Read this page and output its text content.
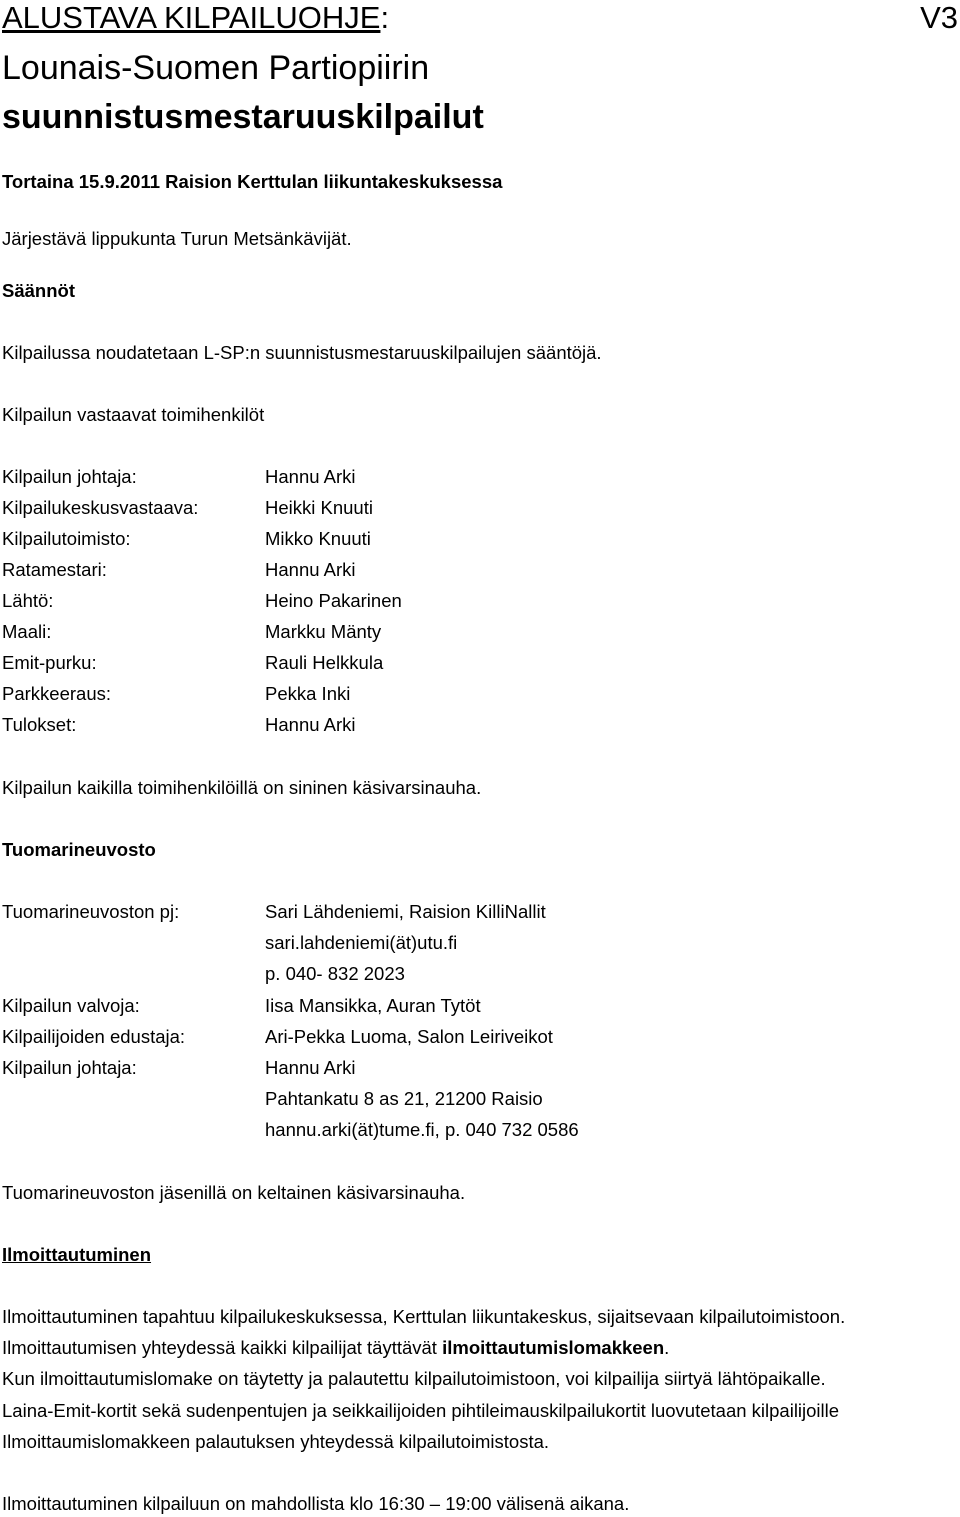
ALUSTAVA KILPAILUOHJE:	V3
Lounais-Suomen Partiopiirin
suunnistusmestaruuskilpailut
Tortaina 15.9.2011 Raision Kerttulan liikuntakeskuksessa
Järjestävä lippukunta Turun Metsänkävijät.
Säännöt
Kilpailussa noudatetaan L-SP:n suunnistusmestaruuskilpailujen sääntöjä.
Kilpailun vastaavat toimihenkilöt
Kilpailun johtaja:	Hannu Arki
Kilpailukeskusvastaava:	Heikki Knuuti
Kilpailutoimisto:	Mikko Knuuti
Ratamestari:	Hannu Arki
Lähtö:	Heino Pakarinen
Maali:	Markku Mänty
Emit-purku:	Rauli Helkkula
Parkkeeraus:	Pekka Inki
Tulokset:	Hannu Arki
Kilpailun kaikilla toimihenkilöillä on sininen käsivarsinauha.
Tuomarineuvosto
Tuomarineuvoston pj:	Sari Lähdeniemi, Raision KilliNallit
sari.lahdeniemi(ät)utu.fi
p. 040- 832 2023
Kilpailun valvoja:	Iisa Mansikka, Auran Tytöt
Kilpailijoiden edustaja:	Ari-Pekka Luoma, Salon Leiriveikot
Kilpailun johtaja:	Hannu Arki
Pahtankatu 8 as 21, 21200 Raisio
hannu.arki(ät)tume.fi, p. 040 732 0586
Tuomarineuvoston jäsenillä on keltainen käsivarsinauha.
Ilmoittautuminen
Ilmoittautuminen tapahtuu kilpailukeskuksessa, Kerttulan liikuntakeskus, sijaitsevaan kilpailutoimistoon.
Ilmoittautumisen yhteydessä kaikki kilpailijat täyttävät ilmoittautumislomakkeen.
Kun ilmoittautumislomake on täytetty ja palautettu kilpailutoimistoon, voi kilpailija siirtyä lähtöpaikalle.
Laina-Emit-kortit sekä sudenpentujen ja seikkailijoiden pihtileimauskilpailukortit luovutetaan kilpailijoille
Ilmoittaumislomakkeen palautuksen yhteydessä kilpailutoimistosta.
Ilmoittautuminen kilpailuun on mahdollista klo 16:30 – 19:00 välisenä aikana.
